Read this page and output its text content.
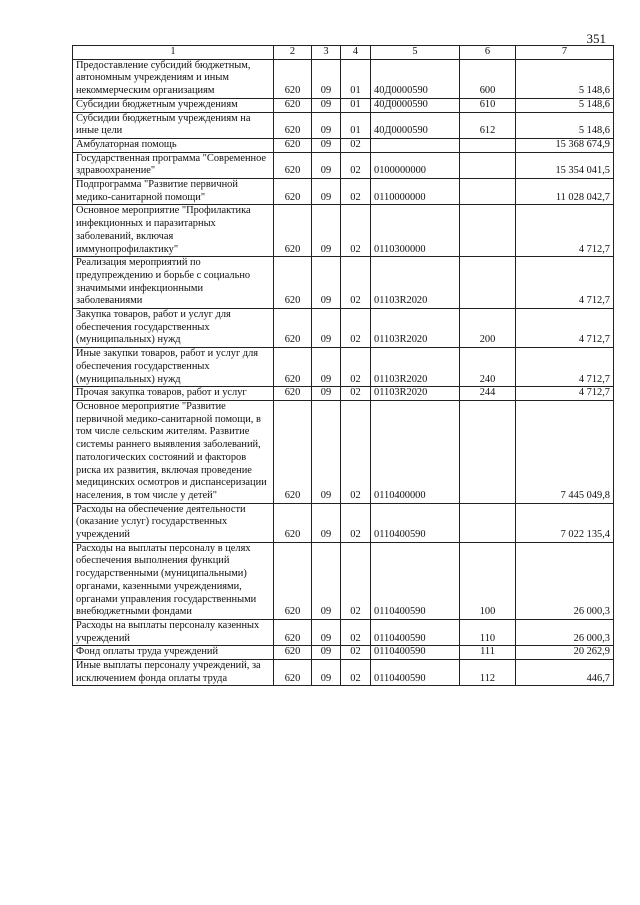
351
1	2	3	4	5	6	7
Предоставление субсидий бюджетным, автономным учреждениям и иным некоммерческим организациям	620	09	01	40Д0000590	600	5 148,6
Субсидии бюджетным учреждениям	620	09	01	40Д0000590	610	5 148,6
Субсидии бюджетным учреждениям на иные цели	620	09	01	40Д0000590	612	5 148,6
Амбулаторная помощь	620	09	02			15 368 674,9
Государственная программа "Современное здравоохранение"	620	09	02	0100000000		15 354 041,5
Подпрограмма "Развитие первичной медико-санитарной помощи"	620	09	02	0110000000		11 028 042,7
Основное мероприятие "Профилактика инфекционных и паразитарных заболеваний, включая иммунопрофилактику"	620	09	02	0110300000		4 712,7
Реализация мероприятий по предупреждению и борьбе с социально значимыми инфекционными заболеваниями	620	09	02	01103R2020		4 712,7
Закупка товаров, работ и услуг для обеспечения государственных (муниципальных) нужд	620	09	02	01103R2020	200	4 712,7
Иные закупки товаров, работ и услуг для обеспечения государственных (муниципальных) нужд	620	09	02	01103R2020	240	4 712,7
Прочая закупка товаров, работ и услуг	620	09	02	01103R2020	244	4 712,7
Основное мероприятие "Развитие первичной медико-санитарной помощи, в том числе сельским жителям. Развитие системы раннего выявления заболеваний, патологических состояний и факторов риска их развития, включая проведение медицинских осмотров и диспансеризации населения, в том числе у детей"	620	09	02	0110400000		7 445 049,8
Расходы на обеспечение деятельности (оказание услуг) государственных учреждений	620	09	02	0110400590		7 022 135,4
Расходы на выплаты персоналу в целях обеспечения выполнения функций государственными (муниципальными) органами, казенными учреждениями, органами управления государственными внебюджетными фондами	620	09	02	0110400590	100	26 000,3
Расходы на выплаты персоналу казенных учреждений	620	09	02	0110400590	110	26 000,3
Фонд оплаты труда учреждений	620	09	02	0110400590	111	20 262,9
Иные выплаты персоналу учреждений, за исключением фонда оплаты труда	620	09	02	0110400590	112	446,7
